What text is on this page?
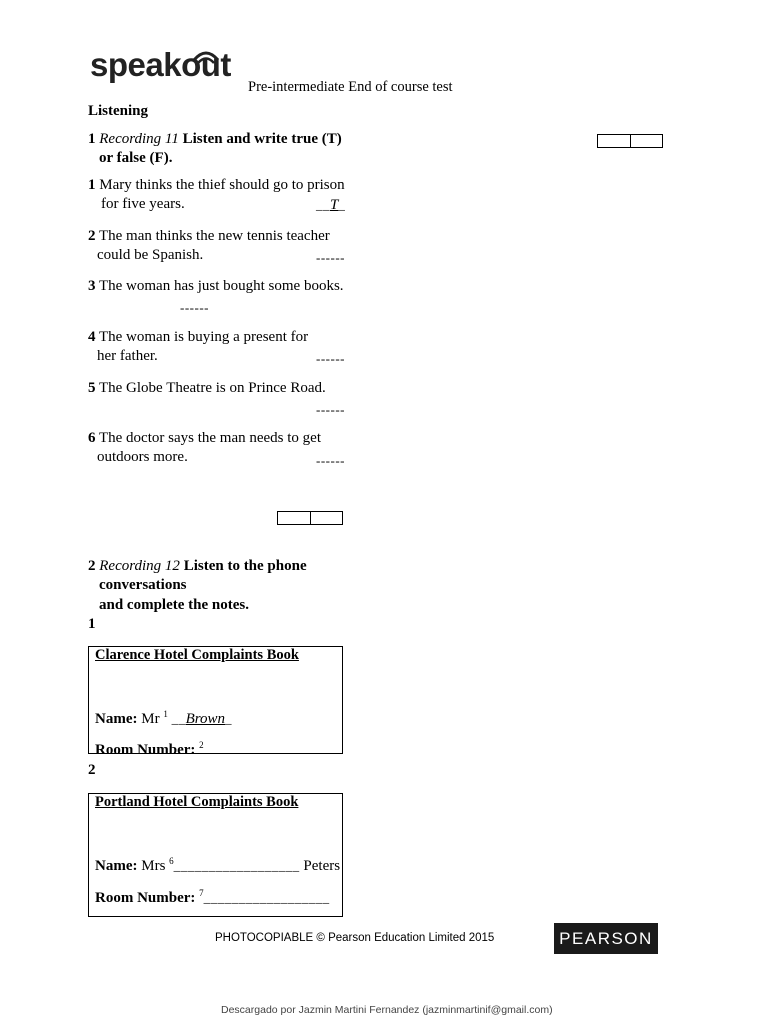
speakout
Pre-intermediate End of course test
Listening
1 Recording 11 Listen and write true (T)
or false (F).
1 Mary thinks the thief should go to prison
for five years.	__T_
2 The man thinks the new tennis teacher
could be Spanish.	------
3 The woman has just bought some books.
------
4 The woman is buying a present for
her father.	------
5 The Globe Theatre is on Prince Road.
------
6 The doctor says the man needs to get
outdoors more.	------
2 Recording 12 Listen to the phone
conversations
and complete the notes.
1
Clarence Hotel Complaints Book
Name: Mr $^1$ __Brown_
Room Number: $^2$
2
Portland Hotel Complaints Book
Name: Mrs $^6$__________________ Peters
Room Number: $^7$__________________
PHOTOCOPIABLE © Pearson Education Limited 2015	PEARSON
Descargado por Jazmin Martini Fernandez (jazminmartinif@gmail.com)
